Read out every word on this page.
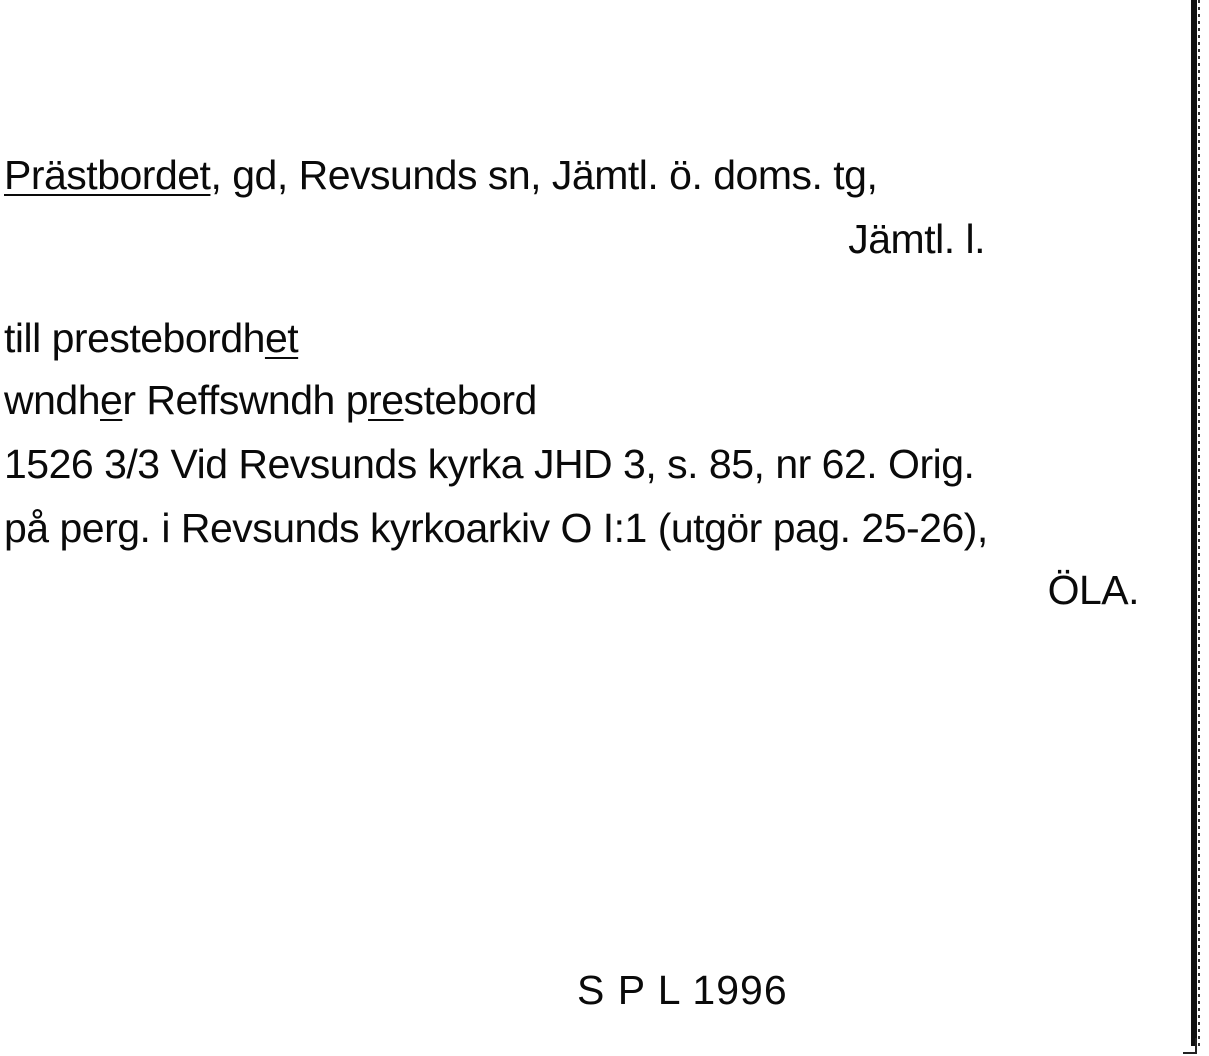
Prästbordet, gd, Revsunds sn, Jämtl. ö. doms. tg,
Jämtl. l.
till prestebordhet
wndher Reffswndh prestebord
1526 3/3 Vid Revsunds kyrka JHD 3, s. 85, nr 62. Orig.
på perg. i Revsunds kyrkoarkiv O I:1 (utgör pag. 25-26),
ÖLA.
S P L 1996
